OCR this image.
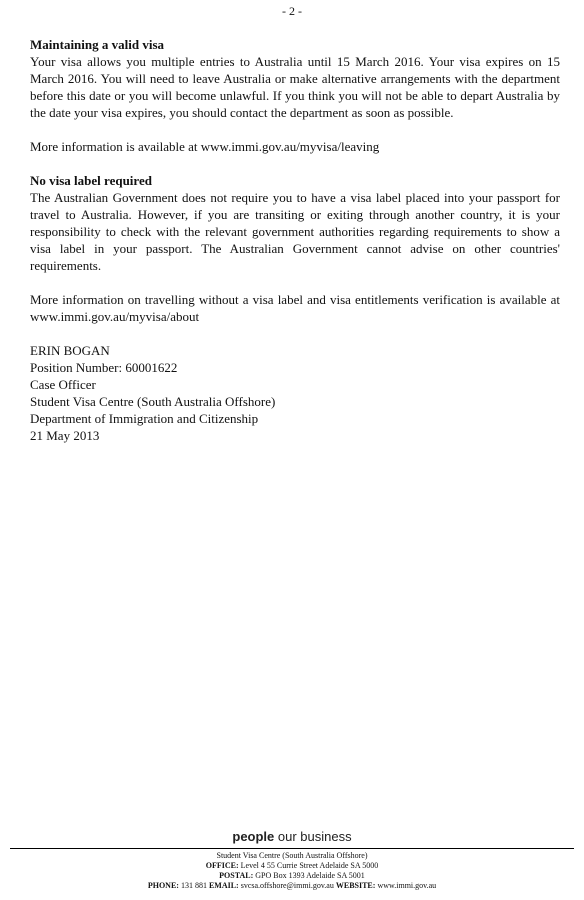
- 2 -

Maintaining a valid visa

Your visa allows you multiple entries to Australia until 15 March 2016. Your visa expires on 15 March 2016. You will need to leave Australia or make alternative arrangements with the department before this date or you will become unlawful. If you think you will not be able to depart Australia by the date your visa expires, you should contact the department as soon as possible.

More information is available at www.immi.gov.au/myvisa/leaving

No visa label required

The Australian Government does not require you to have a visa label placed into your passport for travel to Australia. However, if you are transiting or exiting through another country, it is your responsibility to check with the relevant government authorities regarding requirements to show a visa label in your passport. The Australian Government cannot advise on other countries' requirements.

More information on travelling without a visa label and visa entitlements verification is available at www.immi.gov.au/myvisa/about

ERIN BOGAN

Position Number: 60001622

Case Officer

Student Visa Centre (South Australia Offshore)

Department of Immigration and Citizenship

21 May 2013

people our business

Student Visa Centre (South Australia Offshore)
OFFICE: Level 4 55 Currie Street Adelaide SA 5000
POSTAL: GPO Box 1393 Adelaide SA 5001
PHONE: 131 881 EMAIL: svcsa.offshore@immi.gov.au WEBSITE: www.immi.gov.au
